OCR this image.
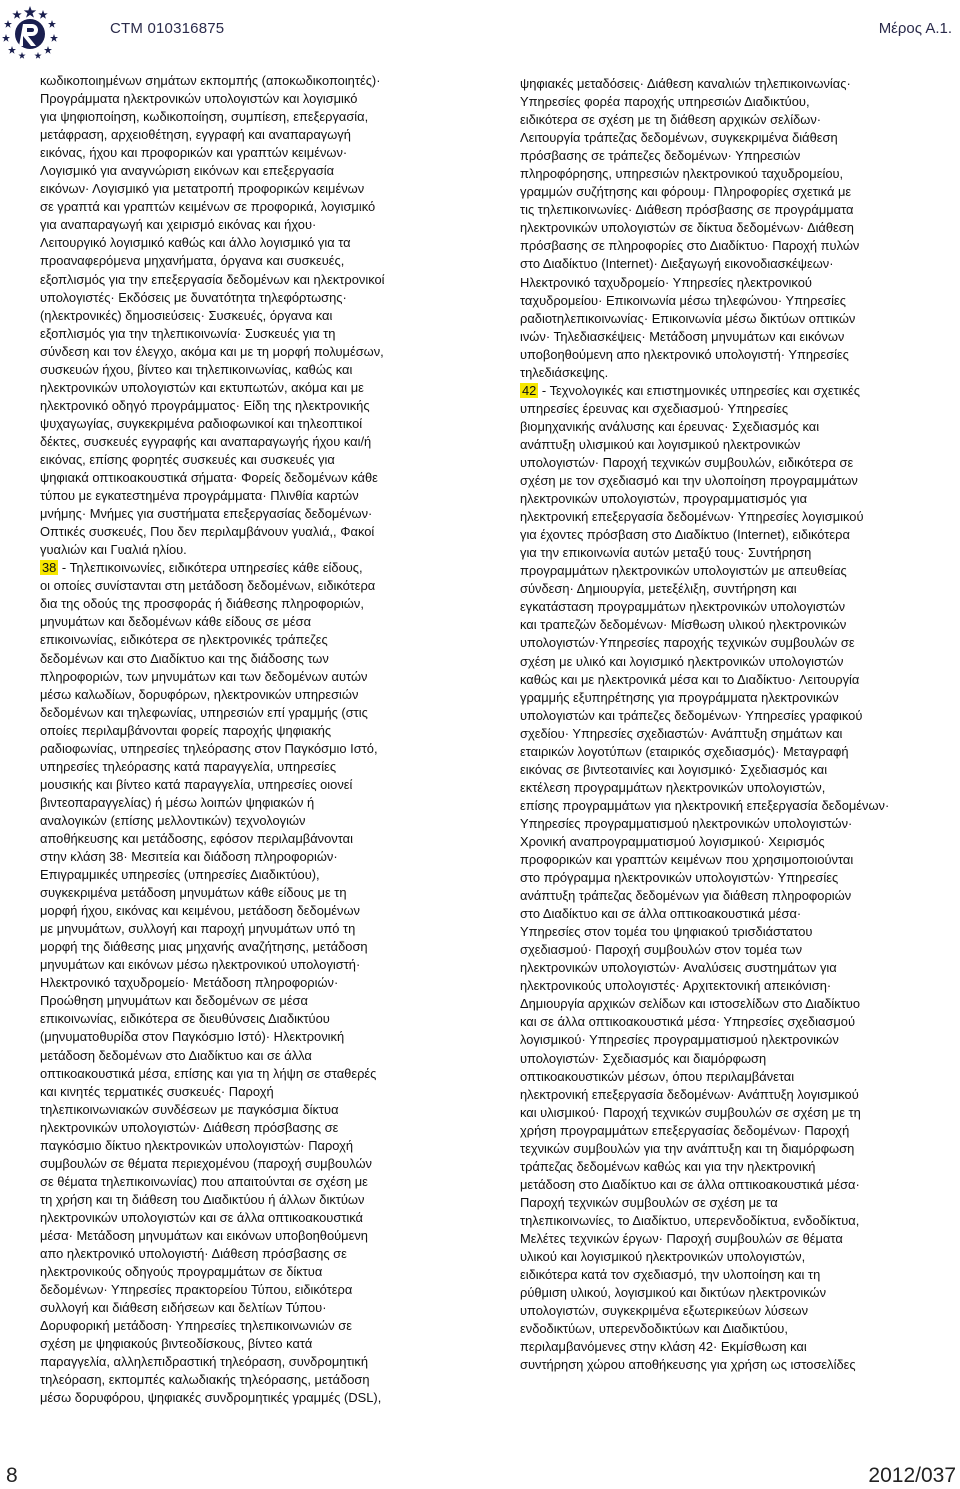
CTM 010316875	Μέρος Α.1.
κωδικοποιημένων σημάτων εκπομπής (αποκωδικοποιητές)·
Προγράμματα ηλεκτρονικών υπολογιστών και λογισμικό
για ψηφιοποίηση, κωδικοποίηση, συμπίεση, επεξεργασία,
μετάφραση, αρχειοθέτηση, εγγραφή και αναπαραγωγή
εικόνας, ήχου και προφορικών και γραπτών κειμένων·
Λογισμικό για αναγνώριση εικόνων και επεξεργασία
εικόνων· Λογισμικό για μετατροπή προφορικών κειμένων
σε γραπτά και γραπτών κειμένων σε προφορικά, λογισμικό
για αναπαραγωγή και χειρισμό εικόνας και ήχου·
Λειτουργικό λογισμικό καθώς και άλλο λογισμικό για τα
προαναφερόμενα μηχανήματα, όργανα και συσκευές,
εξοπλισμός για την επεξεργασία δεδομένων και ηλεκτρονικοί
υπολογιστές· Εκδόσεις με δυνατότητα τηλεφόρτωσης·
(ηλεκτρονικές) δημοσιεύσεις· Συσκευές, όργανα και
εξοπλισμός για την τηλεπικοινωνία· Συσκευές για τη
σύνδεση και τον έλεγχο, ακόμα και με τη μορφή πολυμέσων,
συσκευών ήχου, βίντεο και τηλεπικοινωνίας, καθώς και
ηλεκτρονικών υπολογιστών και εκτυπωτών, ακόμα και με
ηλεκτρονικό οδηγό προγράμματος· Είδη της ηλεκτρονικής
ψυχαγωγίας, συγκεκριμένα ραδιοφωνικοί και τηλεοπτικοί
δέκτες, συσκευές εγγραφής και αναπαραγωγής ήχου και/ή
εικόνας, επίσης φορητές συσκευές και συσκευές για
ψηφιακά οπτικοακουστικά σήματα· Φορείς δεδομένων κάθε
τύπου με εγκατεστημένα προγράμματα· Πλινθία καρτών
μνήμης· Μνήμες για συστήματα επεξεργασίας δεδομένων·
Οπτικές συσκευές, Που δεν περιλαμβάνουν γυαλιά,, Φακοί
γυαλιών και Γυαλιά ηλίου.
38 - Τηλεπικοινωνίες, ειδικότερα υπηρεσίες κάθε είδους,
οι οποίες συνίστανται στη μετάδοση δεδομένων, ειδικότερα
δια της οδούς της προσφοράς ή διάθεσης πληροφοριών,
μηνυμάτων και δεδομένων κάθε είδους σε μέσα
επικοινωνίας, ειδικότερα σε ηλεκτρονικές τράπεζες
δεδομένων και στο Διαδίκτυο και της διάδοσης των
πληροφοριών, των μηνυμάτων και των δεδομένων αυτών
μέσω καλωδίων, δορυφόρων, ηλεκτρονικών υπηρεσιών
δεδομένων και τηλεφωνίας, υπηρεσιών επί γραμμής (στις
οποίες περιλαμβάνονται φορείς παροχής ψηφιακής
ραδιοφωνίας, υπηρεσίες τηλεόρασης στον Παγκόσμιο Ιστό,
υπηρεσίες τηλεόρασης κατά παραγγελία, υπηρεσίες
μουσικής και βίντεο κατά παραγγελία, υπηρεσίες οιονεί
βιντεοπαραγγελίας) ή μέσω λοιπών ψηφιακών ή
αναλογικών (επίσης μελλοντικών) τεχνολογιών
αποθήκευσης και μετάδοσης, εφόσον περιλαμβάνονται
στην κλάση 38· Μεσιτεία και διάδοση πληροφοριών·
Επιγραμμικές υπηρεσίες (υπηρεσίες Διαδικτύου),
συγκεκριμένα μετάδοση μηνυμάτων κάθε είδους με τη
μορφή ήχου, εικόνας και κειμένου, μετάδοση δεδομένων
με μηνυμάτων, συλλογή και παροχή μηνυμάτων υπό τη
μορφή της διάθεσης μιας μηχανής αναζήτησης, μετάδοση
μηνυμάτων και εικόνων μέσω ηλεκτρονικού υπολογιστή·
Ηλεκτρονικό ταχυδρομείο· Μετάδοση πληροφοριών·
Προώθηση μηνυμάτων και δεδομένων σε μέσα
επικοινωνίας, ειδικότερα σε διευθύνσεις Διαδικτύου
(μηνυματοθυρίδα στον Παγκόσμιο Ιστό)· Ηλεκτρονική
μετάδοση δεδομένων στο Διαδίκτυο και σε άλλα
οπτικοακουστικά μέσα, επίσης και για τη λήψη σε σταθερές
και κινητές τερματικές συσκευές· Παροχή
τηλεπικοινωνιακών συνδέσεων με παγκόσμια δίκτυα
ηλεκτρονικών υπολογιστών· Διάθεση πρόσβασης σε
παγκόσμιο δίκτυο ηλεκτρονικών υπολογιστών· Παροχή
συμβουλών σε θέματα περιεχομένου (παροχή συμβουλών
σε θέματα τηλεπικοινωνίας) που απαιτούνται σε σχέση με
τη χρήση και τη διάθεση του Διαδικτύου ή άλλων δικτύων
ηλεκτρονικών υπολογιστών και σε άλλα οπτικοακουστικά
μέσα· Μετάδοση μηνυμάτων και εικόνων υποβοηθούμενη
απο ηλεκτρονικό υπολογιστή· Διάθεση πρόσβασης σε
ηλεκτρονικούς οδηγούς προγραμμάτων σε δίκτυα
δεδομένων· Υπηρεσίες πρακτορείου Τύπου, ειδικότερα
συλλογή και διάθεση ειδήσεων και δελτίων Τύπου·
Δορυφορική μετάδοση· Υπηρεσίες τηλεπικοινωνιών σε
σχέση με ψηφιακούς βιντεοδίσκους, βίντεο κατά
παραγγελία, αλληλεπιδραστική τηλεόραση, συνδρομητική
τηλεόραση, εκπομπές καλωδιακής τηλεόρασης, μετάδοση
μέσω δορυφόρου, ψηφιακές συνδρομητικές γραμμές (DSL),
ψηφιακές μεταδόσεις· Διάθεση καναλιών τηλεπικοινωνίας·
Υπηρεσίες φορέα παροχής υπηρεσιών Διαδικτύου,
ειδικότερα σε σχέση με τη διάθεση αρχικών σελίδων·
Λειτουργία τράπεζας δεδομένων, συγκεκριμένα διάθεση
πρόσβασης σε τράπεζες δεδομένων· Υπηρεσιών
πληροφόρησης, υπηρεσιών ηλεκτρονικού ταχυδρομείου,
γραμμών συζήτησης και φόρουμ· Πληροφορίες σχετικά με
τις τηλεπικοινωνίες· Διάθεση πρόσβασης σε προγράμματα
ηλεκτρονικών υπολογιστών σε δίκτυα δεδομένων· Διάθεση
πρόσβασης σε πληροφορίες στο Διαδίκτυο· Παροχή πυλών
στο Διαδίκτυο (Internet)· Διεξαγωγή εικονοδιασκέψεων·
Ηλεκτρονικό ταχυδρομείο· Υπηρεσίες ηλεκτρονικού
ταχυδρομείου· Επικοινωνία μέσω τηλεφώνου· Υπηρεσίες
ραδιοτηλεπικοινωνίας· Επικοινωνία μέσω δικτύων οπτικών
ινών· Τηλεδιασκέψεις· Μετάδοση μηνυμάτων και εικόνων
υποβοηθούμενη απο ηλεκτρονικό υπολογιστή· Υπηρεσίες
τηλεδιάσκεψης.
42 - Τεχνολογικές και επιστημονικές υπηρεσίες και σχετικές
υπηρεσίες έρευνας και σχεδιασμού· Υπηρεσίες
βιομηχανικής ανάλυσης και έρευνας· Σχεδιασμός και
ανάπτυξη υλισμικού και λογισμικού ηλεκτρονικών
υπολογιστών· Παροχή τεχνικών συμβουλών, ειδικότερα σε
σχέση με τον σχεδιασμό και την υλοποίηση προγραμμάτων
ηλεκτρονικών υπολογιστών, προγραμματισμός για
ηλεκτρονική επεξεργασία δεδομένων· Υπηρεσίες λογισμικού
για έχοντες πρόσβαση στο Διαδίκτυο (Internet), ειδικότερα
για την επικοινωνία αυτών μεταξύ τους· Συντήρηση
προγραμμάτων ηλεκτρονικών υπολογιστών με απευθείας
σύνδεση· Δημιουργία, μετεξέλιξη, συντήρηση και
εγκατάσταση προγραμμάτων ηλεκτρονικών υπολογιστών
και τραπεζών δεδομένων· Μίσθωση υλικού ηλεκτρονικών
υπολογιστών·Υπηρεσίες παροχής τεχνικών συμβουλών σε
σχέση με υλικό και λογισμικό ηλεκτρονικών υπολογιστών
καθώς και με ηλεκτρονικά μέσα και το Διαδίκτυο· Λειτουργία
γραμμής εξυπηρέτησης για προγράμματα ηλεκτρονικών
υπολογιστών και τράπεζες δεδομένων· Υπηρεσίες γραφικού
σχεδίου· Υπηρεσίες σχεδιαστών· Ανάπτυξη σημάτων και
εταιρικών λογοτύπων (εταιρικός σχεδιασμός)· Μεταγραφή
εικόνας σε βιντεοταινίες και λογισμικό· Σχεδιασμός και
εκτέλεση προγραμμάτων ηλεκτρονικών υπολογιστών,
επίσης προγραμμάτων για ηλεκτρονική επεξεργασία δεδομένων·
Υπηρεσίες προγραμματισμού ηλεκτρονικών υπολογιστών·
Χρονική αναπρογραμματισμού λογισμικού· Χειρισμός
προφορικών και γραπτών κειμένων που χρησιμοποιούνται
στο πρόγραμμα ηλεκτρονικών υπολογιστών· Υπηρεσίες
ανάπτυξη τράπεζας δεδομένων για διάθεση πληροφοριών
στο Διαδίκτυο και σε άλλα οπτικοακουστικά μέσα·
Υπηρεσίες στον τομέα του ψηφιακού τρισδιάστατου
σχεδιασμού· Παροχή συμβουλών στον τομέα των
ηλεκτρονικών υπολογιστών· Αναλύσεις συστημάτων για
ηλεκτρονικούς υπολογιστές· Αρχιτεκτονική απεικόνιση·
Δημιουργία αρχικών σελίδων και ιστοσελίδων στο Διαδίκτυο
και σε άλλα οπτικοακουστικά μέσα· Υπηρεσίες σχεδιασμού
λογισμικού· Υπηρεσίες προγραμματισμού ηλεκτρονικών
υπολογιστών· Σχεδιασμός και διαμόρφωση
οπτικοακουστικών μέσων, όπου περιλαμβάνεται
ηλεκτρονική επεξεργασία δεδομένων· Ανάπτυξη λογισμικού
και υλισμικού· Παροχή τεχνικών συμβουλών σε σχέση με τη
χρήση προγραμμάτων επεξεργασίας δεδομένων· Παροχή
τεχνικών συμβουλών για την ανάπτυξη και τη διαμόρφωση
τράπεζας δεδομένων καθώς και για την ηλεκτρονική
μετάδοση στο Διαδίκτυο και σε άλλα οπτικοακουστικά μέσα·
Παροχή τεχνικών συμβουλών σε σχέση με τα
τηλεπικοινωνίες, το Διαδίκτυο, υπερενδοδίκτυα, ενδοδίκτυα,
Μελέτες τεχνικών έργων· Παροχή συμβουλών σε θέματα
υλικού και λογισμικού ηλεκτρονικών υπολογιστών,
ειδικότερα κατά τον σχεδιασμό, την υλοποίηση και τη
ρύθμιση υλικού, λογισμικού και δικτύων ηλεκτρονικών
υπολογιστών, συγκεκριμένα εξωτερικεύων λύσεων
ενδοδικτύων, υπερενδοδικτύων και Διαδικτύου,
περιλαμβανόμενες στην κλάση 42· Εκμίσθωση και
συντήρηση χώρου αποθήκευσης για χρήση ως ιστοσελίδες
8	2012/037
